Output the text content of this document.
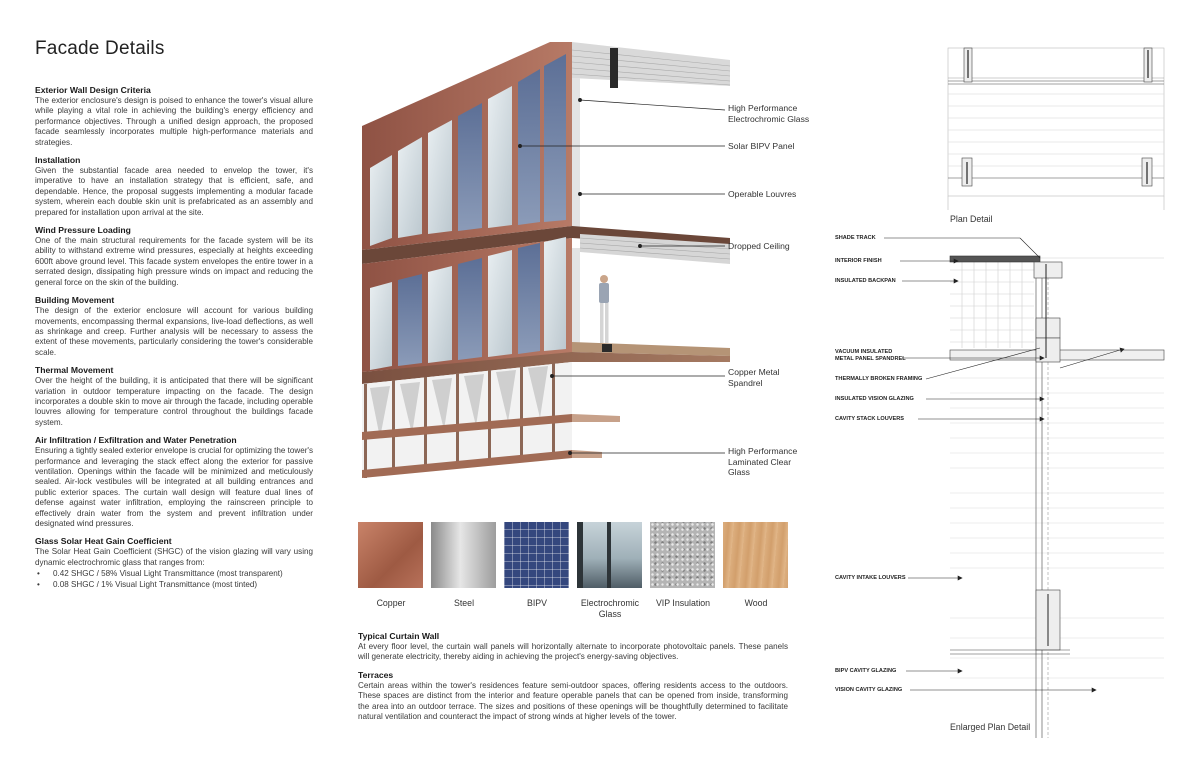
Facade Details
Exterior Wall Design Criteria

The exterior enclosure's design is poised to enhance the tower's visual allure while playing a vital role in achieving the building's energy efficiency and performance objectives. Through a unified design approach, the proposed facade seamlessly incorporates multiple high-performance materials and strategies.

Installation

Given the substantial facade area needed to envelop the tower, it's imperative to have an installation strategy that is efficient, safe, and dependable. Hence, the proposal suggests implementing a modular facade system, wherein each double skin unit is prefabricated as an assembly and prepared for installation upon arrival at the site.

Wind Pressure Loading

One of the main structural requirements for the facade system will be its ability to withstand extreme wind pressures, especially at heights exceeding 600ft above ground level. This facade system envelopes the entire tower in a serrated design, dissipating high pressure winds on impact and reducing the general force on the skin of the building.

Building Movement

The design of the exterior enclosure will account for various building movements, encompassing thermal expansions, live-load deflections, as well as shrinkage and creep. Further analysis will be necessary to assess the extent of these movements, particularly considering the tower's considerable scale.

Thermal Movement

Over the height of the building, it is anticipated that there will be significant variation in outdoor temperature impacting on the facade. The design incorporates a double skin to move air through the facade, including operable louvres allowing for temperature control throughout the buildings facade system.

Air Infiltration / Exfiltration and Water Penetration

Ensuring a tightly sealed exterior envelope is crucial for optimizing the tower's performance and leveraging the stack effect along the exterior for passive ventilation. Openings within the facade will be minimized and meticulously sealed. Air-lock vestibules will be integrated at all building entrances and public exterior spaces. The curtain wall design will feature dual lines of defense against water infiltration, employing the rainscreen principle to effectively drain water from the system and prevent infiltration under designated wind pressures.

Glass Solar Heat Gain Coefficient

The Solar Heat Gain Coefficient (SHGC) of the vision glazing will vary using dynamic electrochromic glass that ranges from:

• 0.42 SHGC / 58% Visual Light Transmittance (most transparent)
• 0.08 SHGC / 1% Visual Light Transmittance (most tinted)
High Performance Electrochromic Glass
Solar BIPV Panel
Operable Louvres
Dropped Ceiling
Copper Metal Spandrel
High Performance Laminated Clear Glass
Copper	Steel	BIPV	Electrochromic Glass
VIP Insulation	Wood
Typical Curtain Wall

At every floor level, the curtain wall panels will horizontally alternate to incorporate photovoltaic panels. These panels will generate electricity, thereby aiding in achieving the project's energy-saving objectives.

Terraces

Certain areas within the tower's residences feature semi-outdoor spaces, offering residents access to the outdoors. These spaces are distinct from the interior and feature operable panels that can be opened from inside, transforming the area into an outdoor terrace. The sizes and positions of these openings will be thoughtfully determined to facilitate natural ventilation and counteract the impact of strong winds at higher levels of the tower.

SHADE TRACK
INTERIOR FINISH
INSULATED BACKPAN
VACUUM INSULATED
METAL PANEL SPANDREL
THERMALLY BROKEN FRAMING
INSULATED VISION GLAZING
CAVITY STACK LOUVERS
CAVITY INTAKE LOUVERS
BIPV CAVITY GLAZING
VISION CAVITY GLAZING
Plan Detail
Enlarged Plan Detail
